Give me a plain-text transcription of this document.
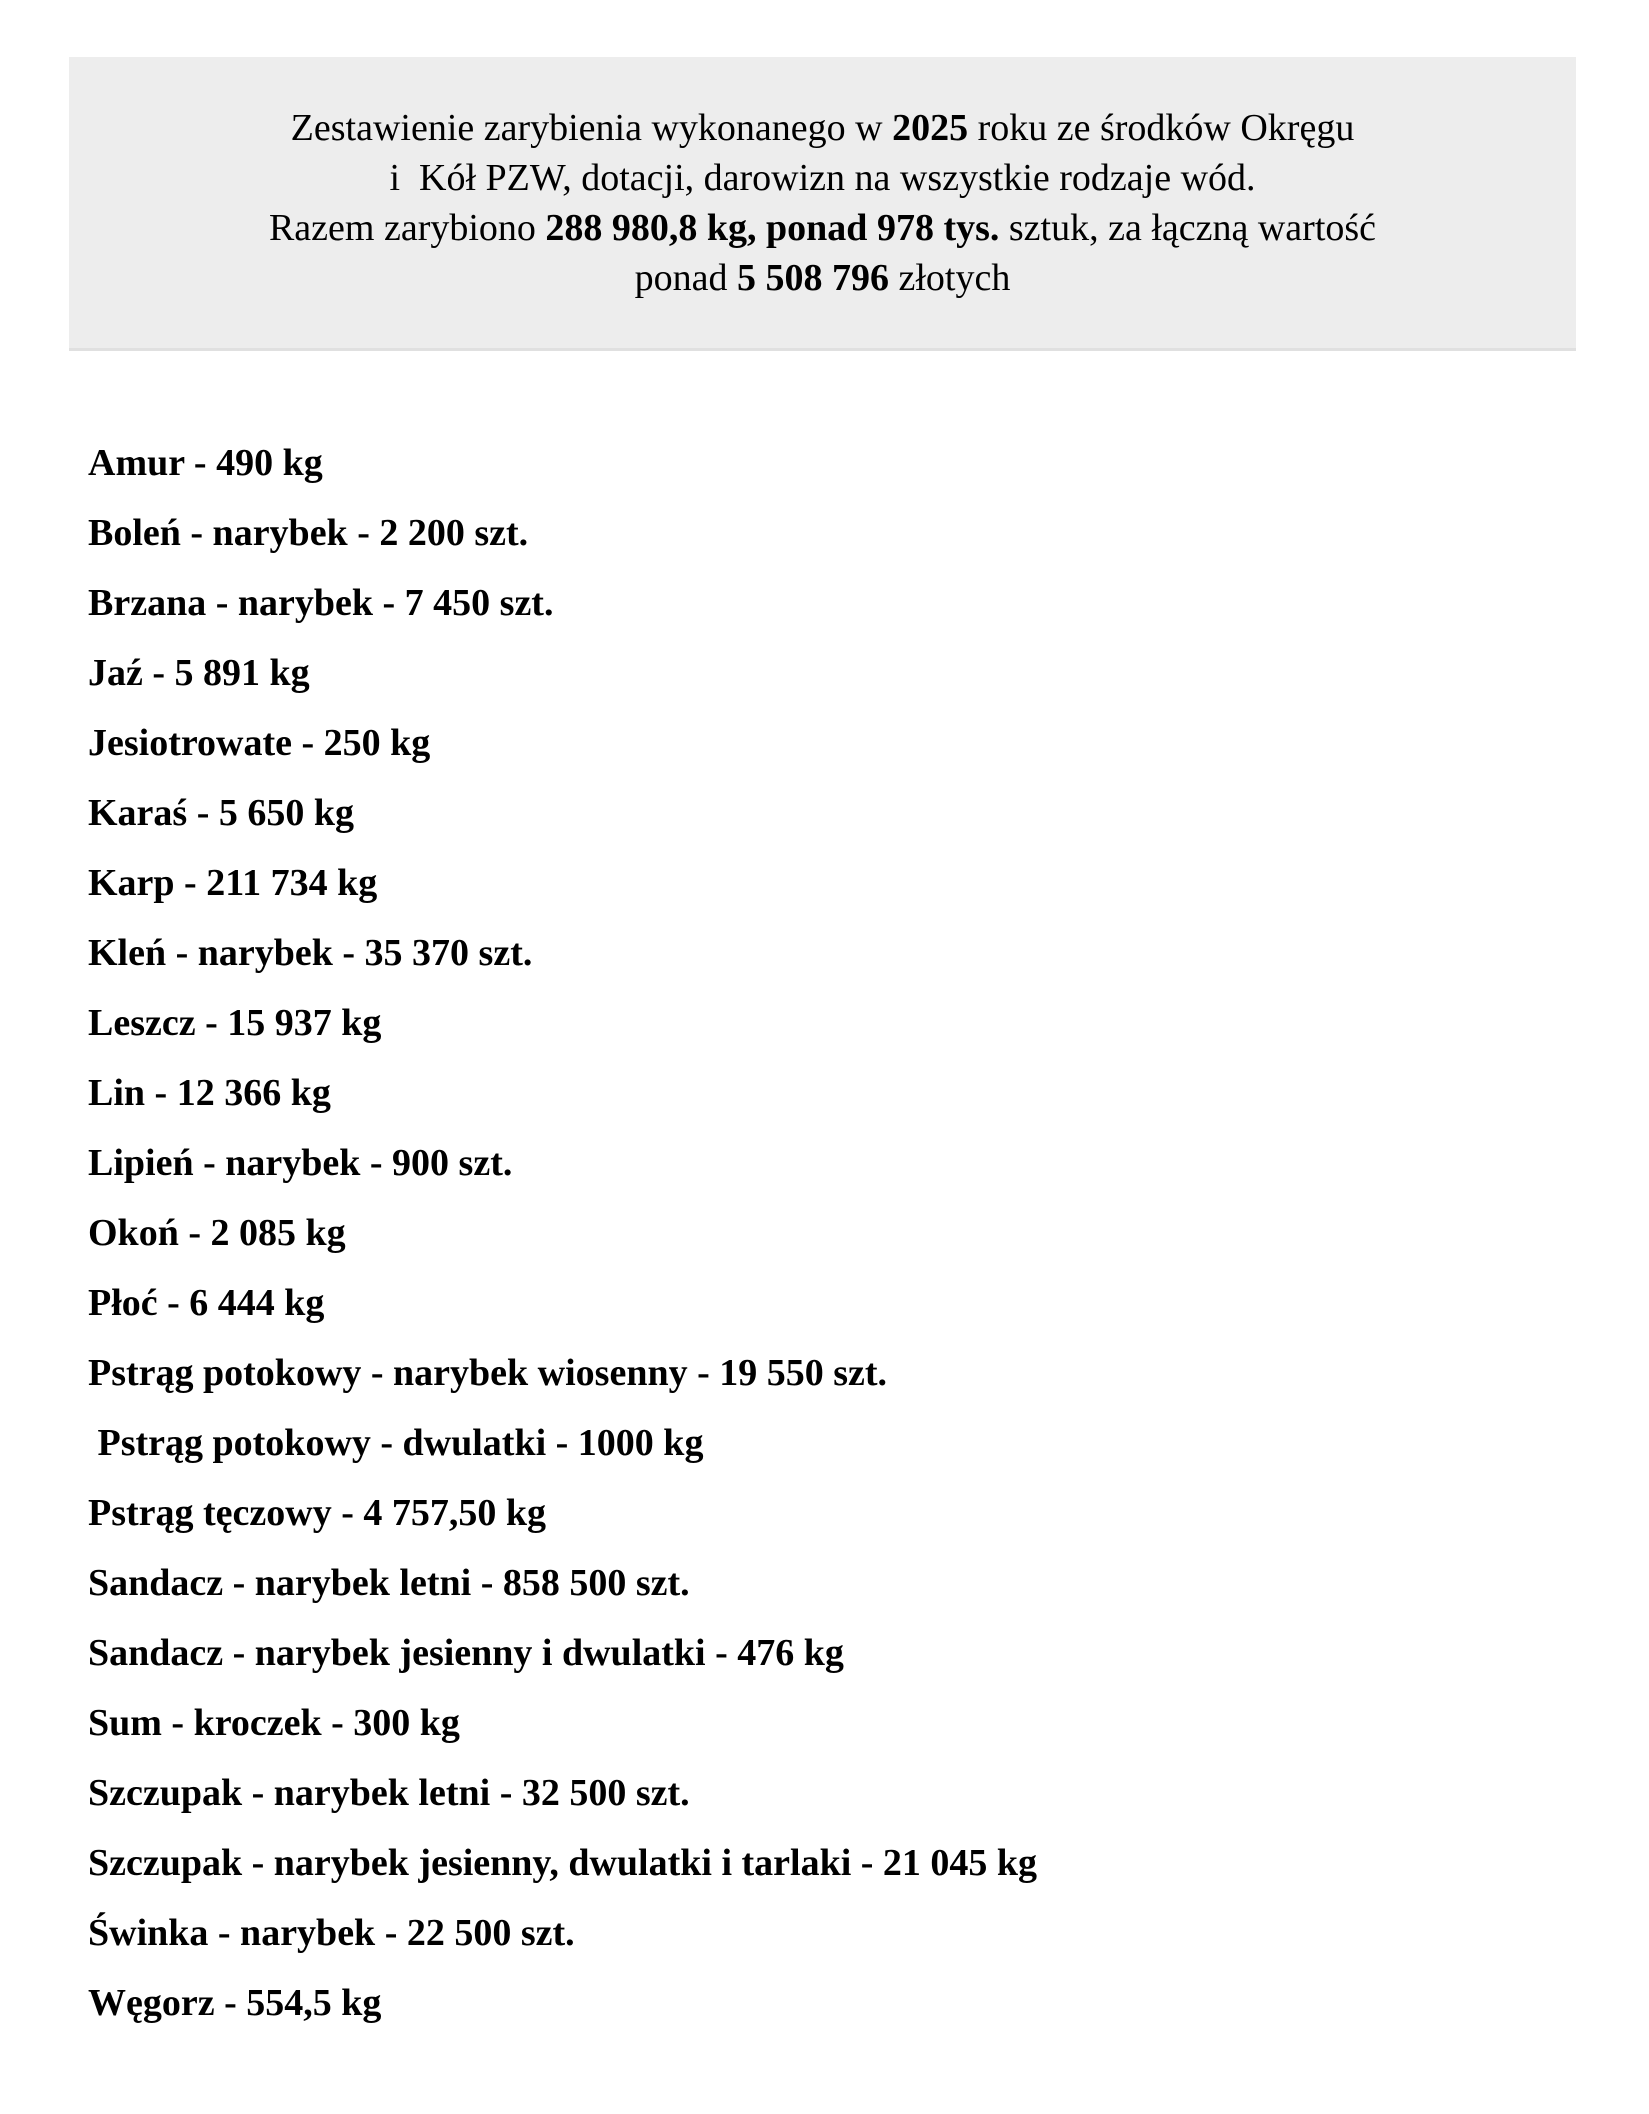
Zestawienie zarybienia wykonanego w 2025 roku ze środków Okręgu
i  Kół PZW, dotacji, darowizn na wszystkie rodzaje wód.
Razem zarybiono 288 980,8 kg, ponad 978 tys. sztuk, za łączną wartość
ponad 5 508 796 złotych
Amur - 490 kg
Boleń - narybek - 2 200 szt.
Brzana - narybek - 7 450 szt.
Jaź - 5 891 kg
Jesiotrowate - 250 kg
Karaś - 5 650 kg
Karp - 211 734 kg
Kleń - narybek - 35 370 szt.
Leszcz - 15 937 kg
Lin - 12 366 kg
Lipień - narybek - 900 szt.
Okoń - 2 085 kg
Płoć - 6 444 kg
Pstrąg potokowy - narybek wiosenny - 19 550 szt.
Pstrąg potokowy - dwulatki - 1000 kg
Pstrąg tęczowy - 4 757,50 kg
Sandacz - narybek letni - 858 500 szt.
Sandacz - narybek jesienny i dwulatki - 476 kg
Sum - kroczek - 300 kg
Szczupak - narybek letni - 32 500 szt.
Szczupak - narybek jesienny, dwulatki i tarlaki - 21 045 kg
Świnka - narybek - 22 500 szt.
Węgorz - 554,5 kg
